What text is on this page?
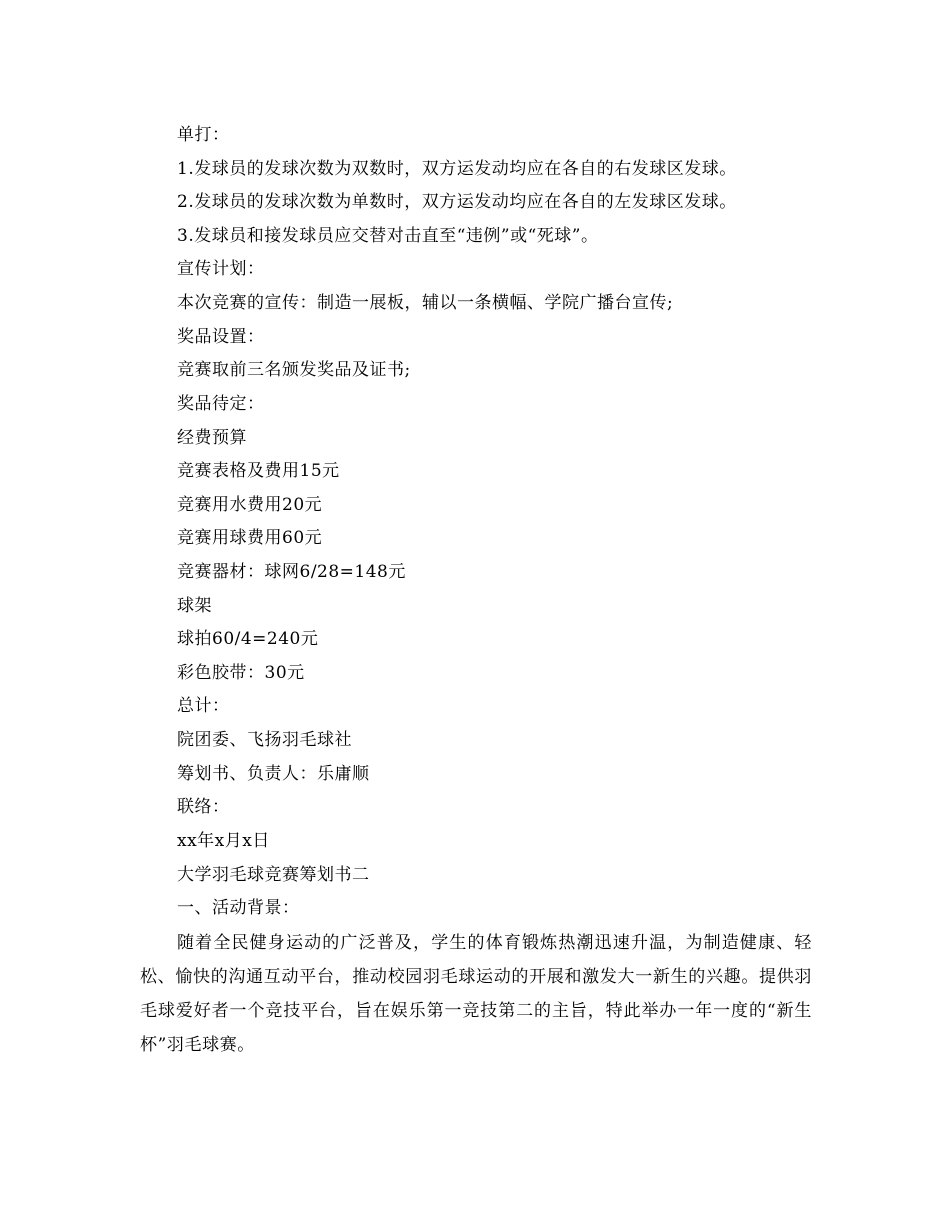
单打：
1.发球员的发球次数为双数时，双方运发动均应在各自的右发球区发球。
2.发球员的发球次数为单数时，双方运发动均应在各自的左发球区发球。
3.发球员和接发球员应交替对击直至“违例”或“死球”。
宣传计划：
本次竞赛的宣传：制造一展板，辅以一条横幅、学院广播台宣传;
奖品设置：
竞赛取前三名颁发奖品及证书;
奖品待定：
经费预算
竞赛表格及费用15元
竞赛用水费用20元
竞赛用球费用60元
竞赛器材：球网6/28=148元
球架
球拍60/4=240元
彩色胶带：30元
总计：
院团委、飞扬羽毛球社
筹划书、负责人：乐庸顺
联络：
xx年x月x日
大学羽毛球竞赛筹划书二
一、活动背景：
随着全民健身运动的广泛普及，学生的体育锻炼热潮迅速升温，为制造健康、轻松、愉快的沟通互动平台，推动校园羽毛球运动的开展和激发大一新生的兴趣。提供羽毛球爱好者一个竞技平台，旨在娱乐第一竞技第二的主旨，特此举办一年一度的“新生杯”羽毛球赛。
